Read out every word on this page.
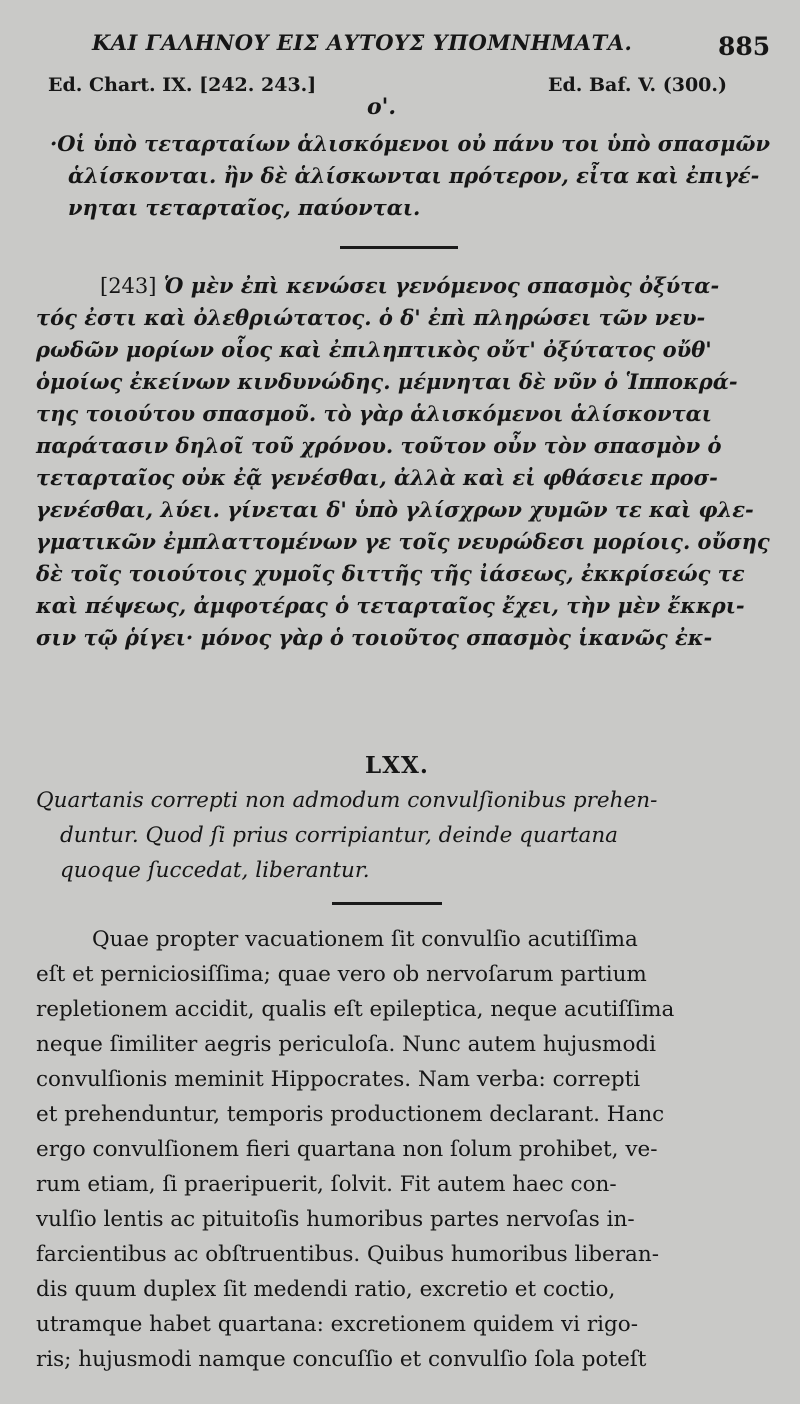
ΚΑΙ ΓΑΛΗΝΟΥ ΕΙΣ ΑΥΤΟΥΣ ΥΠΟΜΝΗΜΑΤΑ.	885
Ed. Chart. IX. [242. 243.]	Ed. Baf. V. (300.)
ο'.
·Οἱ ὑπὸ τεταρταίων ἁλισκόμενοι οὐ πάνυ τοι ὑπὸ σπασμῶν
ἁλίσκονται. ἢν δὲ ἁλίσκωνται πρότερον, εἶτα καὶ ἐπιγέ-
νηται τεταρταῖος, παύονται.
[243] Ὁ μὲν ἐπὶ κενώσει γενόμενος σπασμὸς ὀξύτα-
τός ἐστι καὶ ὀλεθριώτατος. ὁ δ' ἐπὶ πληρώσει τῶν νευ-
ρωδῶν μορίων οἷος καὶ ἐπιληπτικὸς οὔτ' ὀξύτατος οὔθ'
ὁμοίως ἐκείνων κινδυνώδης. μέμνηται δὲ νῦν ὁ Ἱπποκρά-
της τοιούτου σπασμοῦ. τὸ γὰρ ἁλισκόμενοι ἁλίσκονται
παράτασιν δηλοῖ τοῦ χρόνου. τοῦτον οὖν τὸν σπασμὸν ὁ
τεταρταῖος οὐκ ἐᾷ γενέσθαι, ἀλλὰ καὶ εἰ φθάσειε προσ-
γενέσθαι, λύει. γίνεται δ' ὑπὸ γλίσχρων χυμῶν τε καὶ φλε-
γματικῶν ἐμπλαττομένων γε τοῖς νευρώδεσι μορίοις. οὔσης
δὲ τοῖς τοιούτοις χυμοῖς διττῆς τῆς ἰάσεως, ἐκκρίσεώς τε
καὶ πέψεως, ἀμφοτέρας ὁ τεταρταῖος ἔχει, τὴν μὲν ἔκκρι-
σιν τῷ ῥίγει· μόνος γὰρ ὁ τοιοῦτος σπασμὸς ἱκανῶς ἐκ-
LXX.
Quartanis correpti non admodum convulſionibus prehen-
duntur. Quod ſi prius corripiantur, deinde quartana
quoque ſuccedat, liberantur.
Quae propter vacuationem ſit convulſio acutiſſima
eſt et perniciosiſſima; quae vero ob nervoſarum partium
repletionem accidit, qualis eſt epileptica, neque acutiſſima
neque ſimiliter aegris periculoſa. Nunc autem hujusmodi
convulſionis meminit Hippocrates. Nam verba: correpti
et prehenduntur, temporis productionem declarant. Hanc
ergo convulſionem fieri quartana non ſolum prohibet, ve-
rum etiam, ſi praeripuerit, ſolvit. Fit autem haec con-
vulſio lentis ac pituitoſis humoribus partes nervoſas in-
farcientibus ac obſtruentibus. Quibus humoribus liberan-
dis quum duplex ſit medendi ratio, excretio et coctio,
utramque habet quartana: excretionem quidem vi rigo-
ris; hujusmodi namque concuſſio et convulſio ſola poteſt
